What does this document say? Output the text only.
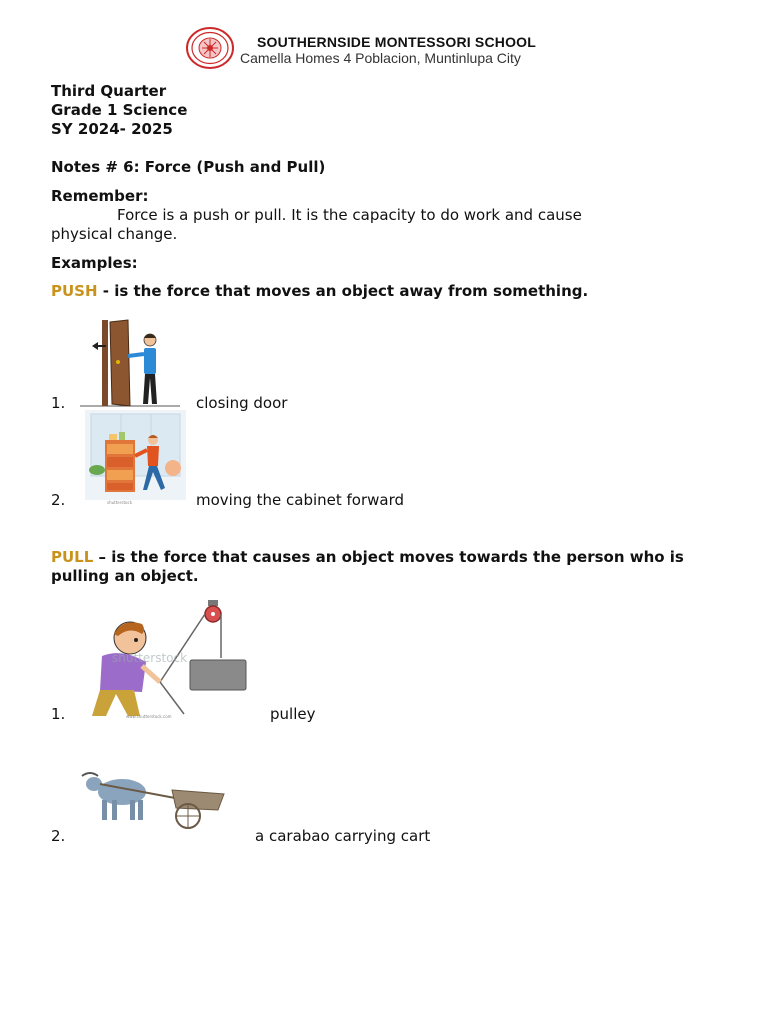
SOUTHERNSIDE MONTESSORI SCHOOL
Camella Homes 4 Poblacion, Muntinlupa City
Third Quarter
Grade 1 Science
SY 2024- 2025
Notes # 6: Force (Push and Pull)
Remember:
Force is a push or pull. It is the capacity to do work and cause
physical change.
Examples:
PUSH - is the force that moves an object away from something.
1.	closing door
shutterstock
2.	moving the cabinet forward
PULL – is the force that causes an object moves towards the person who is
pulling an object.
shutterstock
www.shutterstock.com
1.	pulley
2.	a carabao carrying cart
